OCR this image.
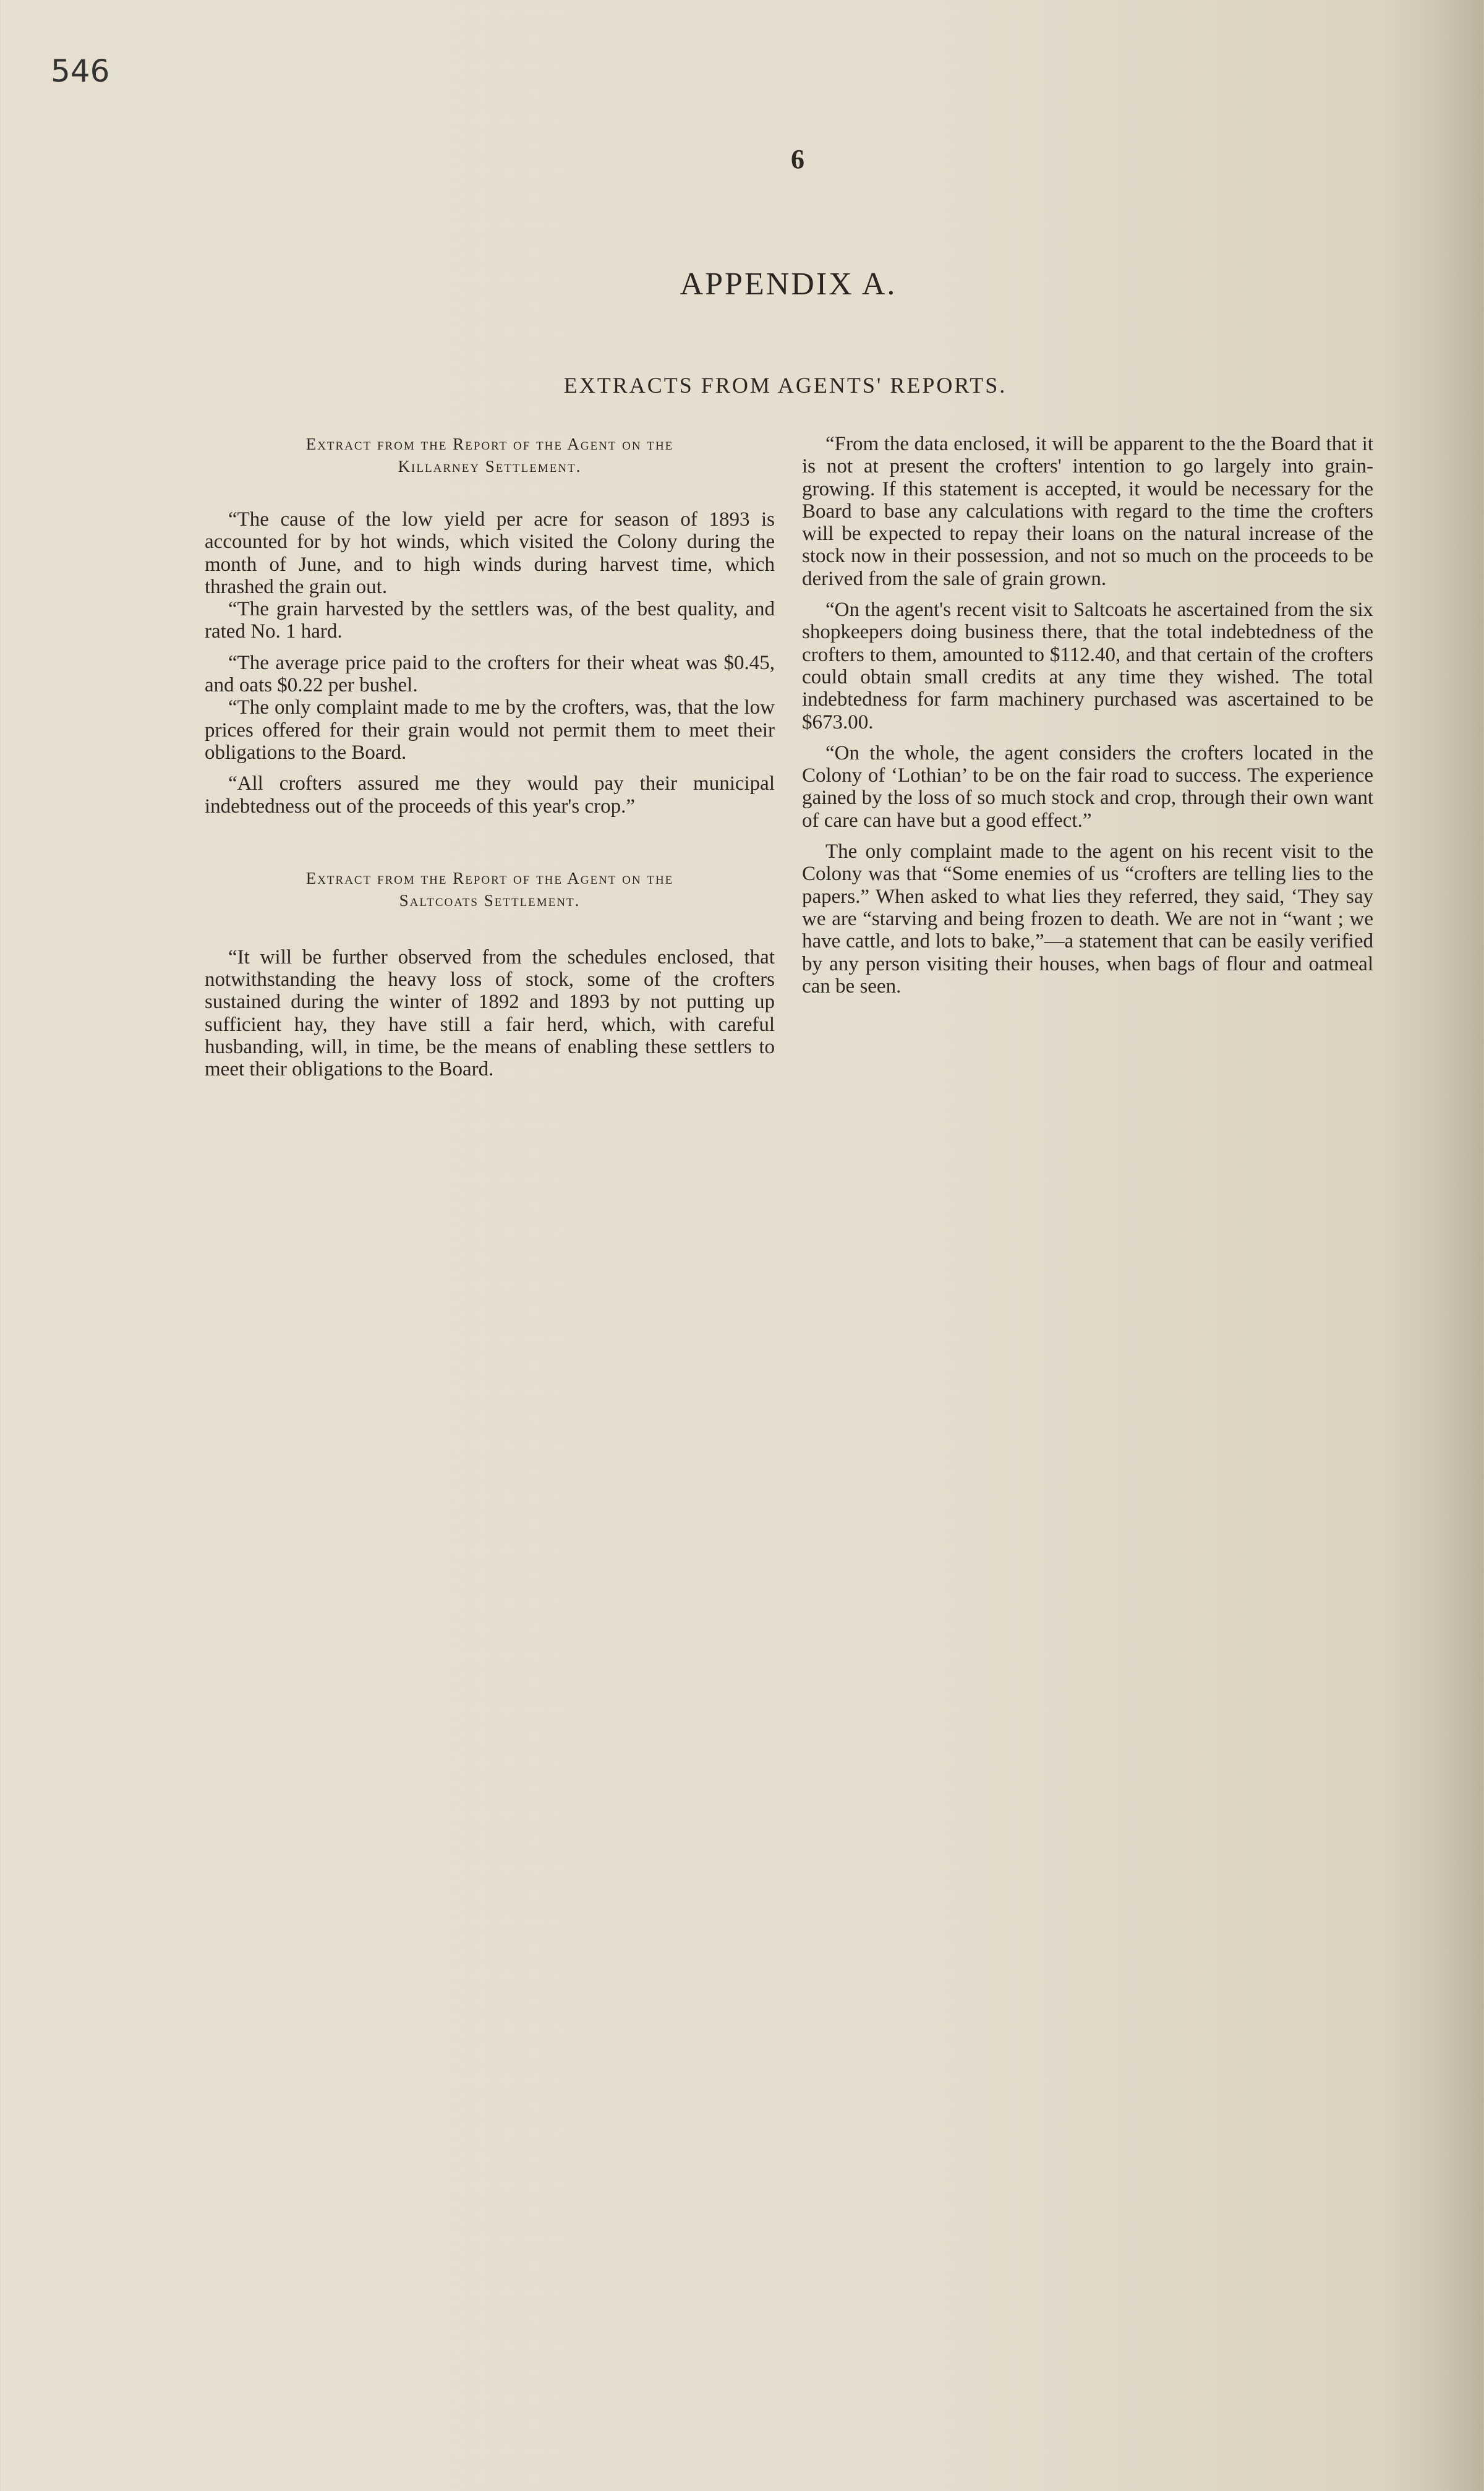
546
6
APPENDIX A.
EXTRACTS FROM AGENTS' REPORTS.
Extract from the Report of the Agent on the
Killarney Settlement.

“The cause of the low yield per acre for season of 1893 is accounted for by hot winds, which visited the Colony during the month of June, and to high winds during harvest time, which thrashed the grain out.

“The grain harvested by the settlers was, of the best quality, and rated No. 1 hard.

“The average price paid to the crofters for their wheat was $0.45, and oats $0.22 per bushel.

“The only complaint made to me by the crofters, was, that the low prices offered for their grain would not permit them to meet their obligations to the Board.

“All crofters assured me they would pay their municipal indebtedness out of the proceeds of this year's crop.”

Extract from the Report of the Agent on the
Saltcoats Settlement.

“It will be further observed from the schedules enclosed, that notwithstanding the heavy loss of stock, some of the crofters sustained during the winter of 1892 and 1893 by not putting up sufficient hay, they have still a fair herd, which, with careful husbanding, will, in time, be the means of enabling these settlers to meet their obligations to the Board.

“From the data enclosed, it will be apparent to the the Board that it is not at present the crofters' intention to go largely into grain-growing. If this statement is accepted, it would be necessary for the Board to base any calculations with regard to the time the crofters will be expected to repay their loans on the natural increase of the stock now in their possession, and not so much on the proceeds to be derived from the sale of grain grown.

“On the agent's recent visit to Saltcoats he ascertained from the six shopkeepers doing business there, that the total indebtedness of the crofters to them, amounted to $112.40, and that certain of the crofters could obtain small credits at any time they wished. The total indebtedness for farm machinery purchased was ascertained to be $673.00.

“On the whole, the agent considers the crofters located in the Colony of ‘Lothian’ to be on the fair road to success. The experience gained by the loss of so much stock and crop, through their own want of care can have but a good effect.”

The only complaint made to the agent on his recent visit to the Colony was that “Some enemies of us “crofters are telling lies to the papers.” When asked to what lies they referred, they said, ‘They say we are “starving and being frozen to death. We are not in “want ; we have cattle, and lots to bake,”—a statement that can be easily verified by any person visiting their houses, when bags of flour and oatmeal can be seen.
